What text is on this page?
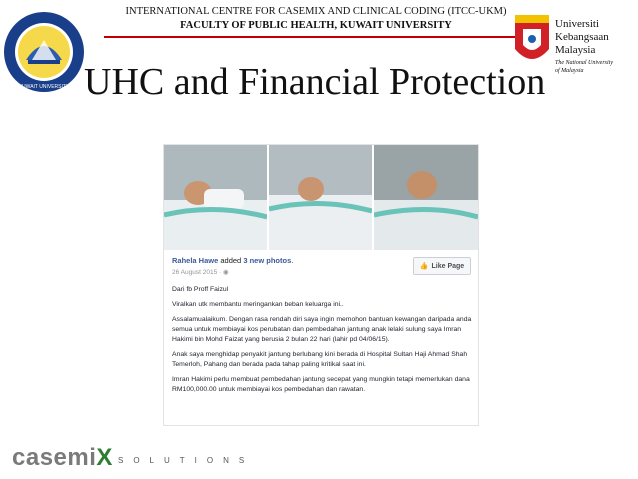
KUWAIT UNIVERSITY
INTERNATIONAL CENTRE FOR CASEMIX AND CLINICAL CODING (ITCC-UKM)
FACULTY OF PUBLIC HEALTH, KUWAIT UNIVERSITY	Universiti
Kebangsaan
Malaysia
The National University
of Malaysia
UHC and Financial Protection
Rahela Hawe added 3 new photos.
26 August 2015 · ◉
👍 Like Page

Dari fb Proff Faizul

Viralkan utk membantu meringankan beban keluarga ini..

Assalamualaikum. Dengan rasa rendah diri saya ingin memohon bantuan kewangan daripada anda semua untuk membiayai kos perubatan dan pembedahan jantung anak lelaki sulung saya Imran Hakimi bin Mohd Faizat yang berusia 2 bulan 22 hari (lahir pd 04/06/15).

Anak saya menghidap penyakit jantung berlubang kini berada di Hospital Sultan Haji Ahmad Shah Temerloh, Pahang dan berada pada tahap paling kritikal saat ini.

Imran Hakimi perlu membuat pembedahan jantung secepat yang mungkin tetapi memerlukan dana RM100,000.00 untuk membiayai kos pembedahan dan rawatan.

casemiX SOLUTIONS
